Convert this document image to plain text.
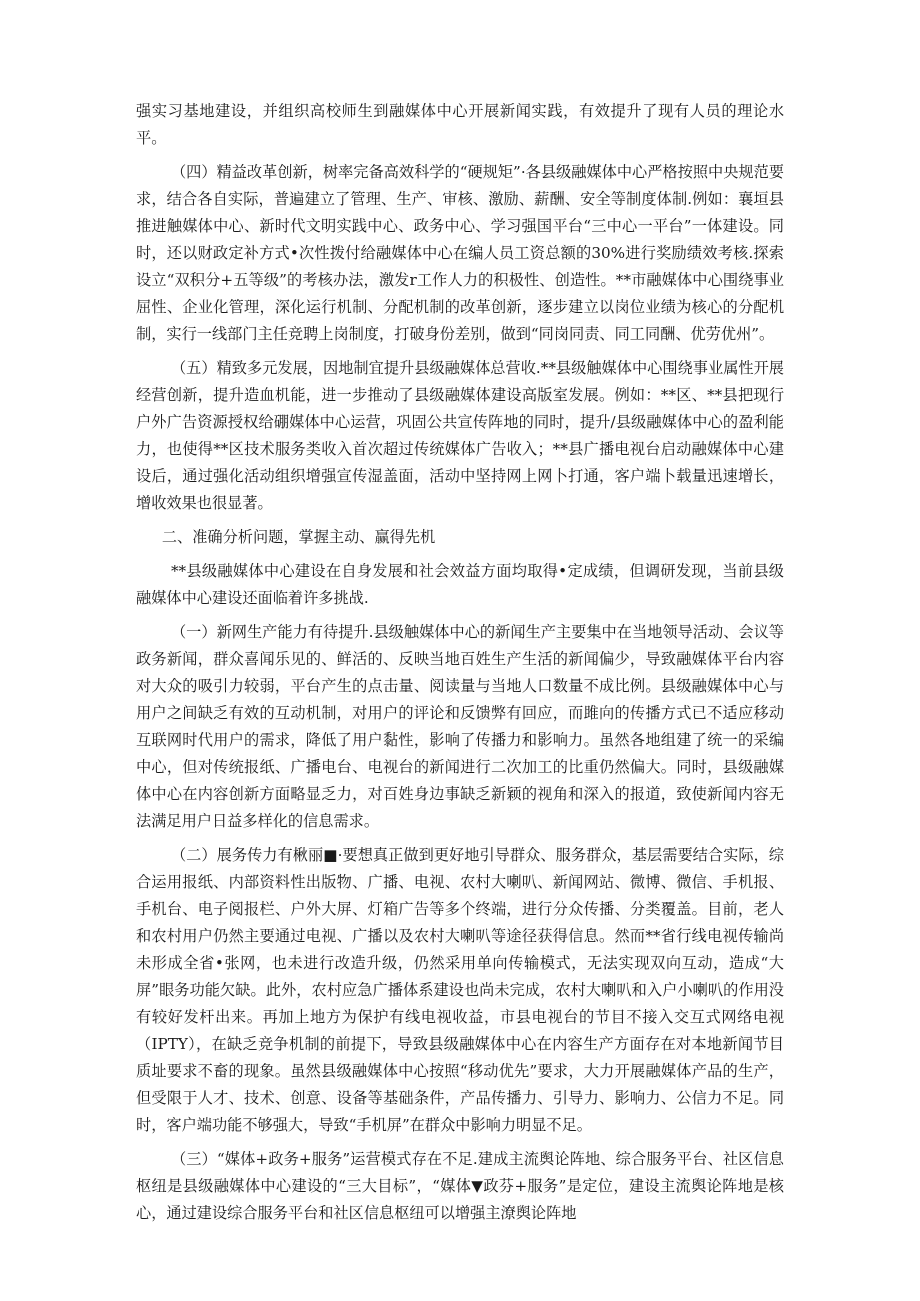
强实习基地建设，并组织高校师生到融媒体中心开展新闻实践，有效提升了现有人员的理论水平。

（四）精益改革创新，树率完备高效科学的“硬规矩”·各县级融媒体中心严格按照中央规范要求，结合各自实际，普遍建立了管理、生产、审核、激励、薪酬、安全等制度体制.例如：襄垣县推进触媒体中心、新时代文明实践中心、政务中心、学习强国平台“三中心一平台”一体建设。同时，还以财政定补方式•次性拨付给融媒体中心在编人员工资总额的30%进行奖励绩效考核.探索设立“双积分+五等级”的考核办法，激发r工作人力的积极性、创造性。**市融媒体中心围绕事业屈性、企业化管理，深化运行机制、分配机制的改革创新，逐步建立以岗位业绩为核心的分配机制，实行一线部门主任竞聘上岗制度，打破身份差别，做到“同岗同责、同工同酬、优劳优州”。

（五）精致多元发展，因地制宜提升县级融媒体总营收.**县级触媒体中心围绕事业属性开展经营创新，提升造血机能，进一步推动了县级融媒体建设高版室发展。例如：**区、**县把现行户外广告资源授权给硼媒体中心运营，巩固公共宣传阵地的同时，提升/县级融媒体中心的盈利能力，也使得**区技术服务类收入首次超过传统媒体广告收入；**县广播电视台启动融媒体中心建设后，通过强化活动组织增强宣传湿盖面，活动中坚持网上网卜打通，客户端卜载量迅速增长，增收效果也很显著。

二、准确分析问题，掌握主动、赢得先机

**县级融媒体中心建设在自身发展和社会效益方面均取得•定成绩，但调研发现，当前县级融媒体中心建设还面临着许多挑战.

（一）新网生产能力有待提升.县级触媒体中心的新闻生产主要集中在当地领导活动、会议等政务新闻，群众喜闻乐见的、鲜活的、反映当地百姓生产生活的新闻偏少，导致融媒体平台内容对大众的吸引力较弱，平台产生的点击量、阅读量与当地人口数量不成比例。县级融媒体中心与用户之间缺乏有效的互动机制，对用户的评论和反馈弊有回应，而雎向的传播方式已不适应移动互联网时代用户的需求，降低了用户黏性，影响了传播力和影响力。虽然各地组建了统一的采编中心，但对传统报纸、广播电台、电视台的新闻进行二次加工的比重仍然偏大。同时，县级融媒体中心在内容创新方面略显乏力，对百姓身边事缺乏新颖的视角和深入的报道，致使新闻内容无法满足用户日益多样化的信息需求。

（二）展务传力有楸丽■·要想真正做到更好地引导群众、服务群众，基层需要结合实际，综合运用报纸、内部资料性出版物、广播、电视、农村大喇叭、新闻网站、微博、微信、手机报、手机台、电子阅报栏、户外大屏、灯箱广告等多个终端，进行分众传播、分类覆盖。目前，老人和农村用户仍然主要通过电视、广播以及农村大喇叭等途径获得信息。然而**省行线电视传输尚未形成全省•张网，也未进行改造升级，仍然采用单向传输模式，无法实现双向互动，造成“大屏”眼务功能欠缺。此外，农村应急广播体系建设也尚未完成，农村大喇叭和入户小喇叭的作用没有较好发杆出来。再加上地方为保护有线电视收益，市县电视台的节目不接入交互式网络电视（IPTY），在缺乏竞争机制的前提下，导致县级融媒体中心在内容生产方面存在对本地新闻节目质址要求不畜的现象。虽然县级融媒体中心按照“移动优先”要求，大力开展融媒体产品的生产，但受限于人才、技术、创意、设备等基础条件，产品传播力、引导力、影响力、公信力不足。同时，客户端功能不够强大，导致“手机屏”在群众中影响力明显不足。

（三）“媒体+政务+服务”运营模式存在不足.建成主流舆论阵地、综合服务平台、社区信息枢纽是县级融媒体中心建设的“三大目标”，“媒体▼政芬+服务”是定位，建设主流舆论阵地是核心，通过建设综合服务平台和社区信息枢纽可以增强主潦舆论阵地
